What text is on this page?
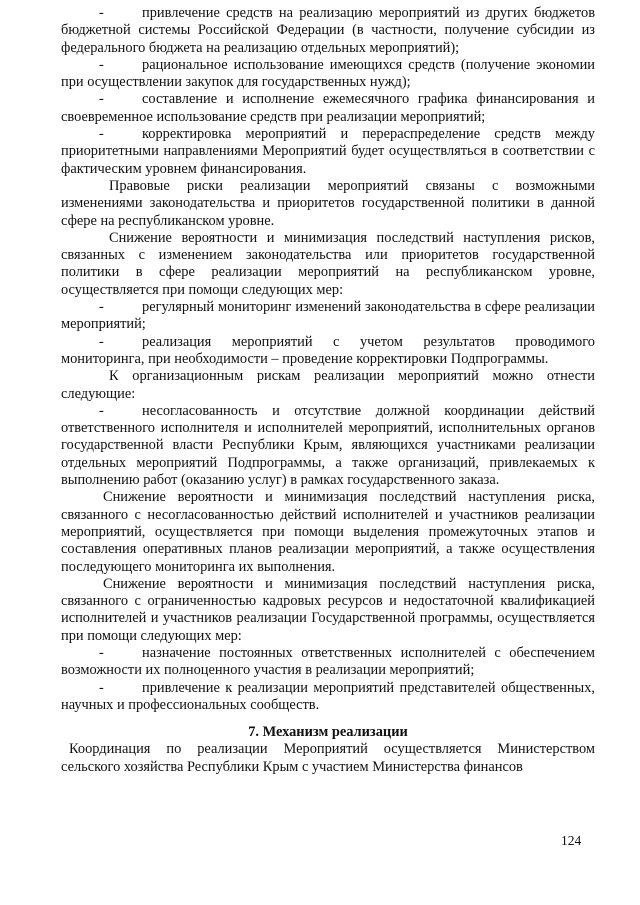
-	привлечение средств на реализацию мероприятий из других бюджетов бюджетной системы Российской Федерации (в частности, получение субсидии из федерального бюджета на реализацию отдельных мероприятий);

-	рациональное использование имеющихся средств (получение экономии при осуществлении закупок для государственных нужд);

-	составление и исполнение ежемесячного графика финансирования и своевременное использование средств при реализации мероприятий;

-	корректировка мероприятий и перераспределение средств между приоритетными направлениями Мероприятий будет осуществляться в соответствии с фактическим уровнем финансирования.

Правовые риски реализации мероприятий связаны с возможными изменениями законодательства и приоритетов государственной политики в данной сфере на республиканском уровне.

Снижение вероятности и минимизация последствий наступления рисков, связанных с изменением законодательства или приоритетов государственной политики в сфере реализации мероприятий на республиканском уровне, осуществляется при помощи следующих мер:

-	регулярный мониторинг изменений законодательства в сфере реализации мероприятий;

-	реализация мероприятий с учетом результатов проводимого мониторинга, при необходимости – проведение корректировки Подпрограммы.

К организационным рискам реализации мероприятий можно отнести следующие:

-	несогласованность и отсутствие должной координации действий ответственного исполнителя и исполнителей мероприятий, исполнительных органов государственной власти Республики Крым, являющихся участниками реализации отдельных мероприятий Подпрограммы, а также организаций, привлекаемых к выполнению работ (оказанию услуг) в рамках государственного заказа.

Снижение вероятности и минимизация последствий наступления риска, связанного с несогласованностью действий исполнителей и участников реализации мероприятий, осуществляется при помощи выделения промежуточных этапов и составления оперативных планов реализации мероприятий, а также осуществления последующего мониторинга их выполнения.

Снижение вероятности и минимизация последствий наступления риска, связанного с ограниченностью кадровых ресурсов и недостаточной квалификацией исполнителей и участников реализации Государственной программы, осуществляется при помощи следующих мер:

-	назначение постоянных ответственных исполнителей с обеспечением возможности их полноценного участия в реализации мероприятий;

-	привлечение к реализации мероприятий представителей общественных, научных и профессиональных сообществ.

7. Механизм реализации

Координация по реализации Мероприятий осуществляется Министерством сельского хозяйства Республики Крым с участием Министерства финансов

124
